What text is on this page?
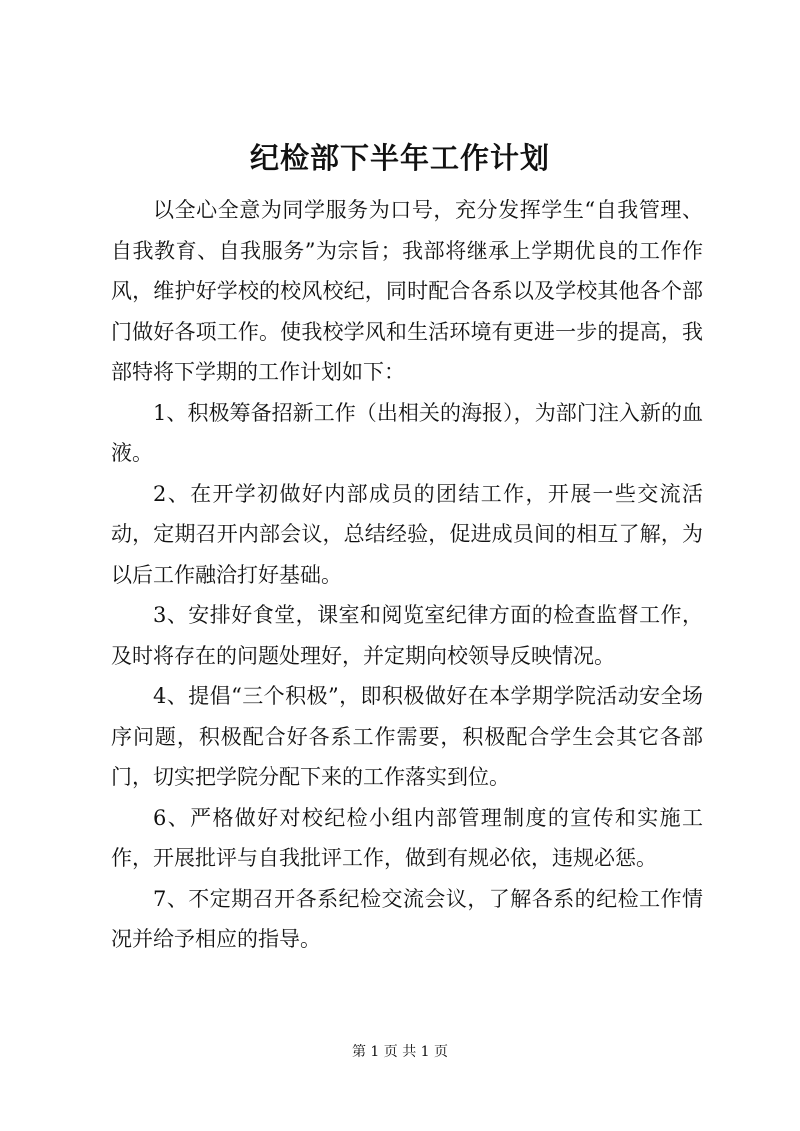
纪检部下半年工作计划

以全心全意为同学服务为口号，充分发挥学生“自我管理、自我教育、自我服务”为宗旨；我部将继承上学期优良的工作作风，维护好学校的校风校纪，同时配合各系以及学校其他各个部门做好各项工作。使我校学风和生活环境有更进一步的提高，我部特将下学期的工作计划如下：

1、积极筹备招新工作（出相关的海报），为部门注入新的血液。

2、在开学初做好内部成员的团结工作，开展一些交流活动，定期召开内部会议，总结经验，促进成员间的相互了解，为以后工作融洽打好基础。

3、安排好食堂，课室和阅览室纪律方面的检查监督工作，及时将存在的问题处理好，并定期向校领导反映情况。

4、提倡“三个积极”，即积极做好在本学期学院活动安全场序问题，积极配合好各系工作需要，积极配合学生会其它各部门，切实把学院分配下来的工作落实到位。

6、严格做好对校纪检小组内部管理制度的宣传和实施工作，开展批评与自我批评工作，做到有规必依，违规必惩。

7、不定期召开各系纪检交流会议，了解各系的纪检工作情况并给予相应的指导。

第 1 页 共 1 页
